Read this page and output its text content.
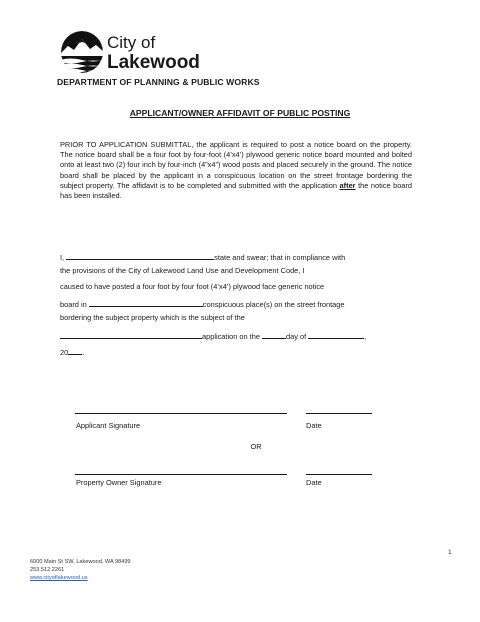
City of
Lakewood
DEPARTMENT OF PLANNING & PUBLIC WORKS
APPLICANT/OWNER AFFIDAVIT OF PUBLIC POSTING
PRIOR TO APPLICATION SUBMITTAL, the applicant is required to post a notice board on the property. The notice board shall be a four foot by four-foot (4’x4’) plywood generic notice board mounted and bolted onto at least two (2) four inch by four-inch (4”x4”) wood posts and placed securely in the ground. The notice board shall be placed by the applicant in a conspicuous location on the street frontage bordering the subject property. The affidavit is to be completed and submitted with the application after the notice board has been installed.
I,	state and swear; that in compliance with
the provisions of the City of Lakewood Land Use and Development Code, I
caused to have posted a four foot by four foot (4’x4’) plywood face generic notice
board in	conspicuous place(s) on the street frontage
bordering the subject property which is the subject of the
application on the	day of	,
20 .
Applicant Signature	Date
OR
Property Owner Signature	Date
1
6000 Main St SW, Lakewood, WA 98499
253.512.2261
www.cityoflakewood.us
